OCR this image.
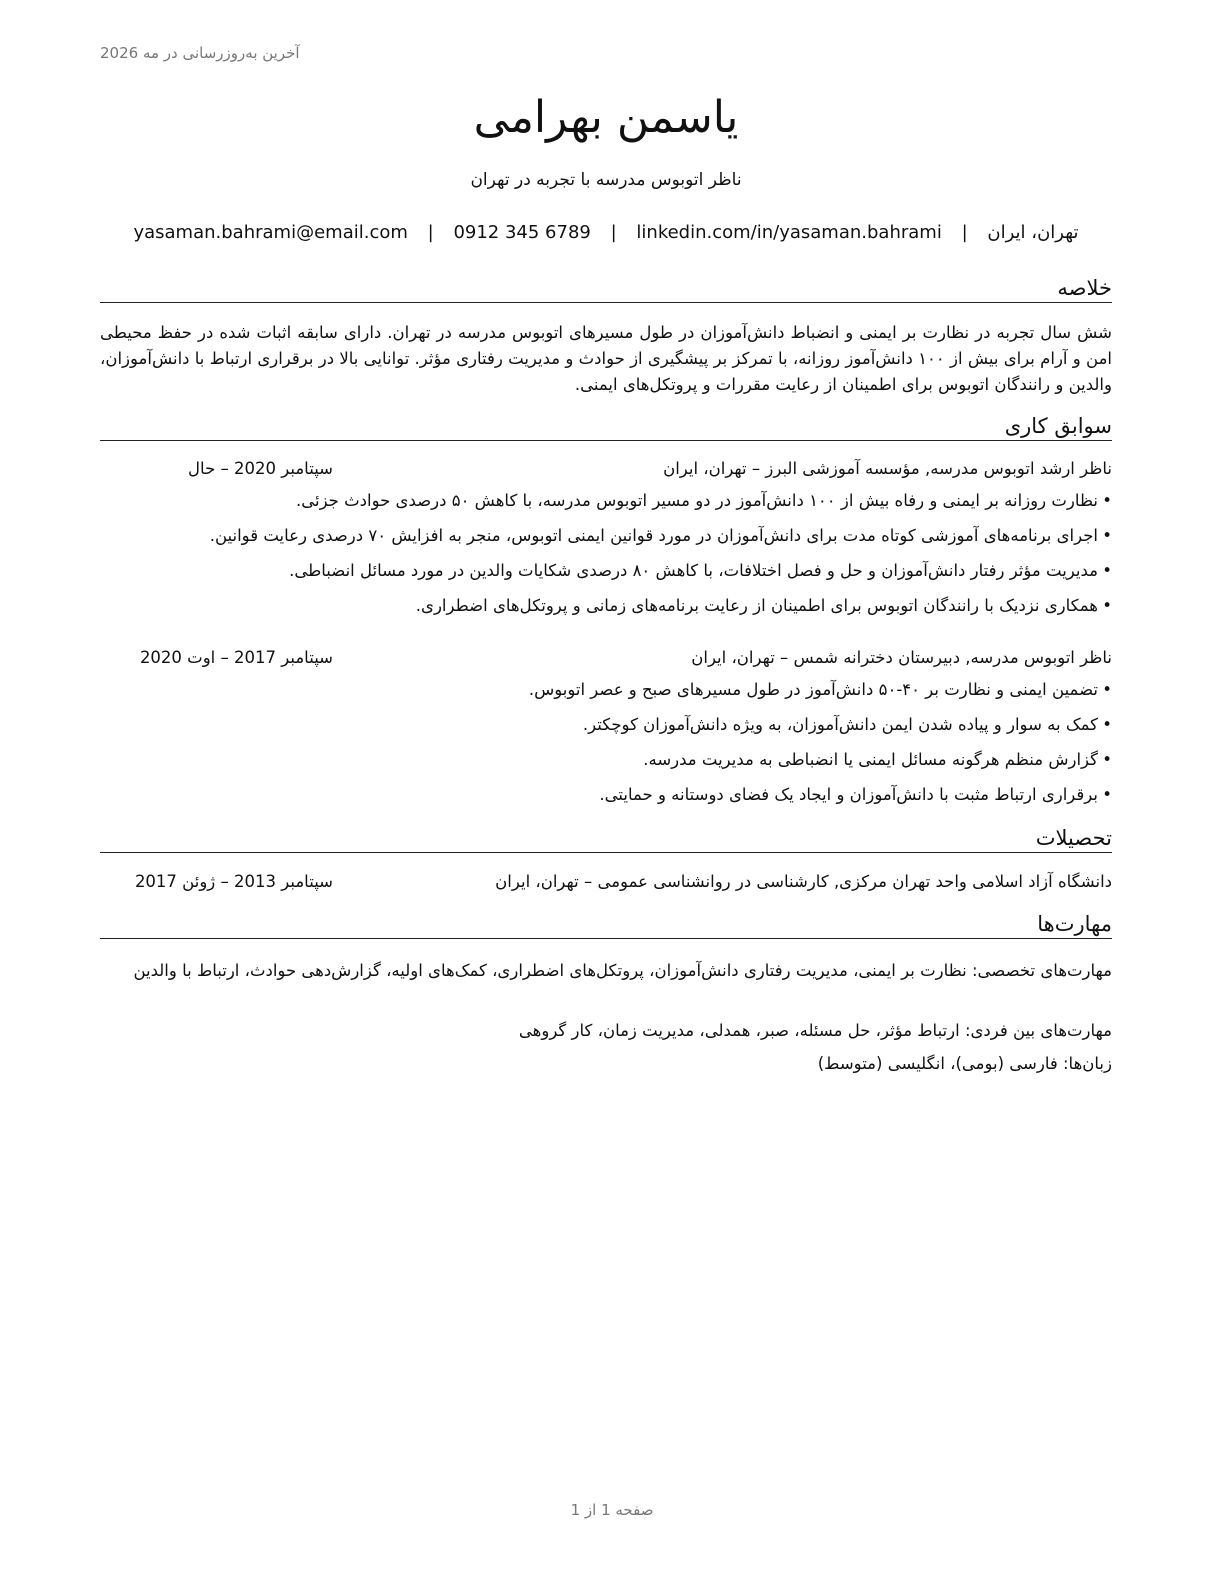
آخرین به‌روزرسانی در مه 2026
یاسمن بهرامی
ناظر اتوبوس مدرسه با تجربه در تهران
تهران، ایران | yasaman.bahrami@email.com | 0912 345 6789 | linkedin.com/in/yasaman.bahrami
خلاصه
شش سال تجربه در نظارت بر ایمنی و انضباط دانش‌آموزان در طول مسیرهای اتوبوس مدرسه در تهران. دارای سابقه اثبات شده در حفظ محیطی امن و آرام برای بیش از ۱۰۰ دانش‌آموز روزانه، با تمرکز بر پیشگیری از حوادث و مدیریت رفتاری مؤثر. توانایی بالا در برقراری ارتباط با دانش‌آموزان، والدین و رانندگان اتوبوس برای اطمینان از رعایت مقررات و پروتکل‌های ایمنی.
سوابق کاری
ناظر ارشد اتوبوس مدرسه, مؤسسه آموزشی البرز – تهران، ایران
سپتامبر 2020 – حال
•نظارت روزانه بر ایمنی و رفاه بیش از ۱۰۰ دانش‌آموز در دو مسیر اتوبوس مدرسه، با کاهش ۵۰ درصدی حوادث جزئی.
•اجرای برنامه‌های آموزشی کوتاه مدت برای دانش‌آموزان در مورد قوانین ایمنی اتوبوس، منجر به افزایش ۷۰ درصدی رعایت قوانین.
•مدیریت مؤثر رفتار دانش‌آموزان و حل و فصل اختلافات، با کاهش ۸۰ درصدی شکایات والدین در مورد مسائل انضباطی.
•همکاری نزدیک با رانندگان اتوبوس برای اطمینان از رعایت برنامه‌های زمانی و پروتکل‌های اضطراری.
ناظر اتوبوس مدرسه, دبیرستان دخترانه شمس – تهران، ایران
سپتامبر 2017 – اوت 2020
•تضمین ایمنی و نظارت بر ۴۰-۵۰ دانش‌آموز در طول مسیرهای صبح و عصر اتوبوس.
•کمک به سوار و پیاده شدن ایمن دانش‌آموزان، به ویژه دانش‌آموزان کوچکتر.
•گزارش منظم هرگونه مسائل ایمنی یا انضباطی به مدیریت مدرسه.
•برقراری ارتباط مثبت با دانش‌آموزان و ایجاد یک فضای دوستانه و حمایتی.
تحصیلات
دانشگاه آزاد اسلامی واحد تهران مرکزی, کارشناسی در روانشناسی عمومی – تهران، ایران
سپتامبر 2013 – ژوئن 2017
مهارت‌ها
مهارت‌های تخصصی: نظارت بر ایمنی، مدیریت رفتاری دانش‌آموزان، پروتکل‌های اضطراری، کمک‌های اولیه، گزارش‌دهی حوادث، ارتباط با والدین
مهارت‌های بین فردی: ارتباط مؤثر، حل مسئله، صبر، همدلی، مدیریت زمان، کار گروهی
زبان‌ها: فارسی (بومی)، انگلیسی (متوسط)
صفحه 1 از 1
